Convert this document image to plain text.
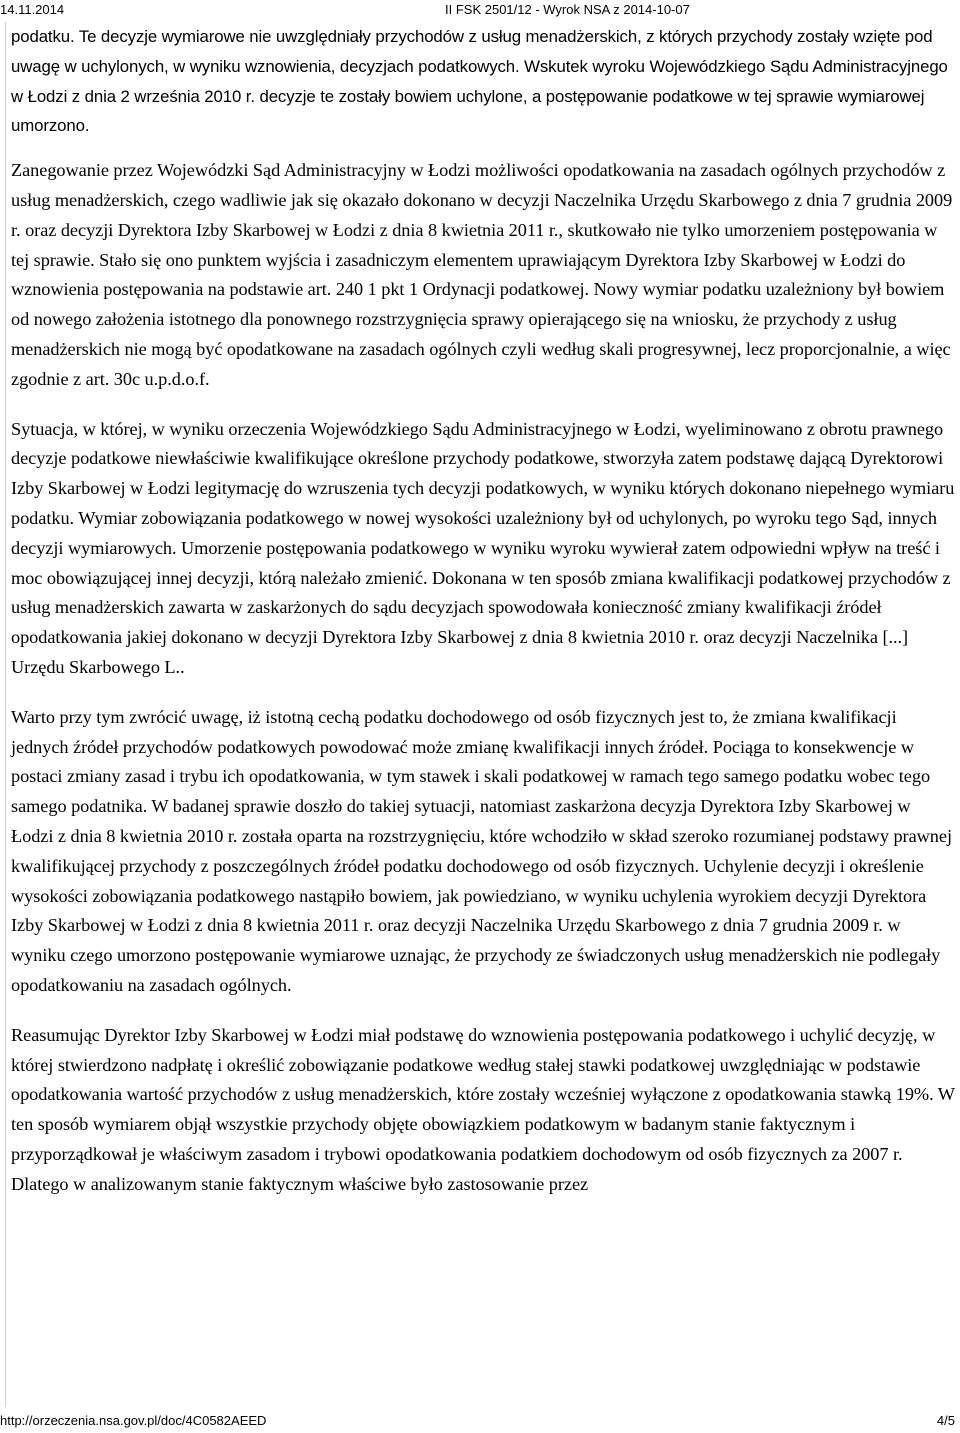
14.11.2014	II FSK 2501/12 - Wyrok NSA z 2014-10-07

podatku. Te decyzje wymiarowe nie uwzględniały przychodów z usług menadżerskich, z których przychody zostały wzięte pod uwagę w uchylonych, w wyniku wznowienia, decyzjach podatkowych. Wskutek wyroku Wojewódzkiego Sądu Administracyjnego w Łodzi z dnia 2 września 2010 r. decyzje te zostały bowiem uchylone, a postępowanie podatkowe w tej sprawie wymiarowej umorzono.

Zanegowanie przez Wojewódzki Sąd Administracyjny w Łodzi możliwości opodatkowania na zasadach ogólnych przychodów z usług menadżerskich, czego wadliwie jak się okazało dokonano w decyzji Naczelnika Urzędu Skarbowego z dnia 7 grudnia 2009 r. oraz decyzji Dyrektora Izby Skarbowej w Łodzi z dnia 8 kwietnia 2011 r., skutkowało nie tylko umorzeniem postępowania w tej sprawie. Stało się ono punktem wyjścia i zasadniczym elementem uprawiającym Dyrektora Izby Skarbowej w Łodzi do wznowienia postępowania na podstawie art. 240 1 pkt 1 Ordynacji podatkowej. Nowy wymiar podatku uzależniony był bowiem od nowego założenia istotnego dla ponownego rozstrzygnięcia sprawy opierającego się na wniosku, że przychody z usług menadżerskich nie mogą być opodatkowane na zasadach ogólnych czyli według skali progresywnej, lecz proporcjonalnie, a więc zgodnie z art. 30c u.p.d.o.f.

Sytuacja, w której, w wyniku orzeczenia Wojewódzkiego Sądu Administracyjnego w Łodzi, wyeliminowano z obrotu prawnego decyzje podatkowe niewłaściwie kwalifikujące określone przychody podatkowe, stworzyła zatem podstawę dającą Dyrektorowi Izby Skarbowej w Łodzi legitymację do wzruszenia tych decyzji podatkowych, w wyniku których dokonano niepełnego wymiaru podatku. Wymiar zobowiązania podatkowego w nowej wysokości uzależniony był od uchylonych, po wyroku tego Sąd, innych decyzji wymiarowych. Umorzenie postępowania podatkowego w wyniku wyroku wywierał zatem odpowiedni wpływ na treść i moc obowiązującej innej decyzji, którą należało zmienić. Dokonana w ten sposób zmiana kwalifikacji podatkowej przychodów z usług menadżerskich zawarta w zaskarżonych do sądu decyzjach spowodowała konieczność zmiany kwalifikacji źródeł opodatkowania jakiej dokonano w decyzji Dyrektora Izby Skarbowej z dnia 8 kwietnia 2010 r. oraz decyzji Naczelnika [...] Urzędu Skarbowego L..

Warto przy tym zwrócić uwagę, iż istotną cechą podatku dochodowego od osób fizycznych jest to, że zmiana kwalifikacji jednych źródeł przychodów podatkowych powodować może zmianę kwalifikacji innych źródeł. Pociąga to konsekwencje w postaci zmiany zasad i trybu ich opodatkowania, w tym stawek i skali podatkowej w ramach tego samego podatku wobec tego samego podatnika. W badanej sprawie doszło do takiej sytuacji, natomiast zaskarżona decyzja Dyrektora Izby Skarbowej w Łodzi z dnia 8 kwietnia 2010 r. została oparta na rozstrzygnięciu, które wchodziło w skład szeroko rozumianej podstawy prawnej kwalifikującej przychody z poszczególnych źródeł podatku dochodowego od osób fizycznych. Uchylenie decyzji i określenie wysokości zobowiązania podatkowego nastąpiło bowiem, jak powiedziano, w wyniku uchylenia wyrokiem decyzji Dyrektora Izby Skarbowej w Łodzi z dnia 8 kwietnia 2011 r. oraz decyzji Naczelnika Urzędu Skarbowego z dnia 7 grudnia 2009 r. w wyniku czego umorzono postępowanie wymiarowe uznając, że przychody ze świadczonych usług menadżerskich nie podlegały opodatkowaniu na zasadach ogólnych.

Reasumując Dyrektor Izby Skarbowej w Łodzi miał podstawę do wznowienia postępowania podatkowego i uchylić decyzję, w której stwierdzono nadpłatę i określić zobowiązanie podatkowe według stałej stawki podatkowej uwzględniając w podstawie opodatkowania wartość przychodów z usług menadżerskich, które zostały wcześniej wyłączone z opodatkowania stawką 19%. W ten sposób wymiarem objął wszystkie przychody objęte obowiązkiem podatkowym w badanym stanie faktycznym i przyporządkował je właściwym zasadom i trybowi opodatkowania podatkiem dochodowym od osób fizycznych za 2007 r. Dlatego w analizowanym stanie faktycznym właściwe było zastosowanie przez

http://orzeczenia.nsa.gov.pl/doc/4C0582AEED	4/5
